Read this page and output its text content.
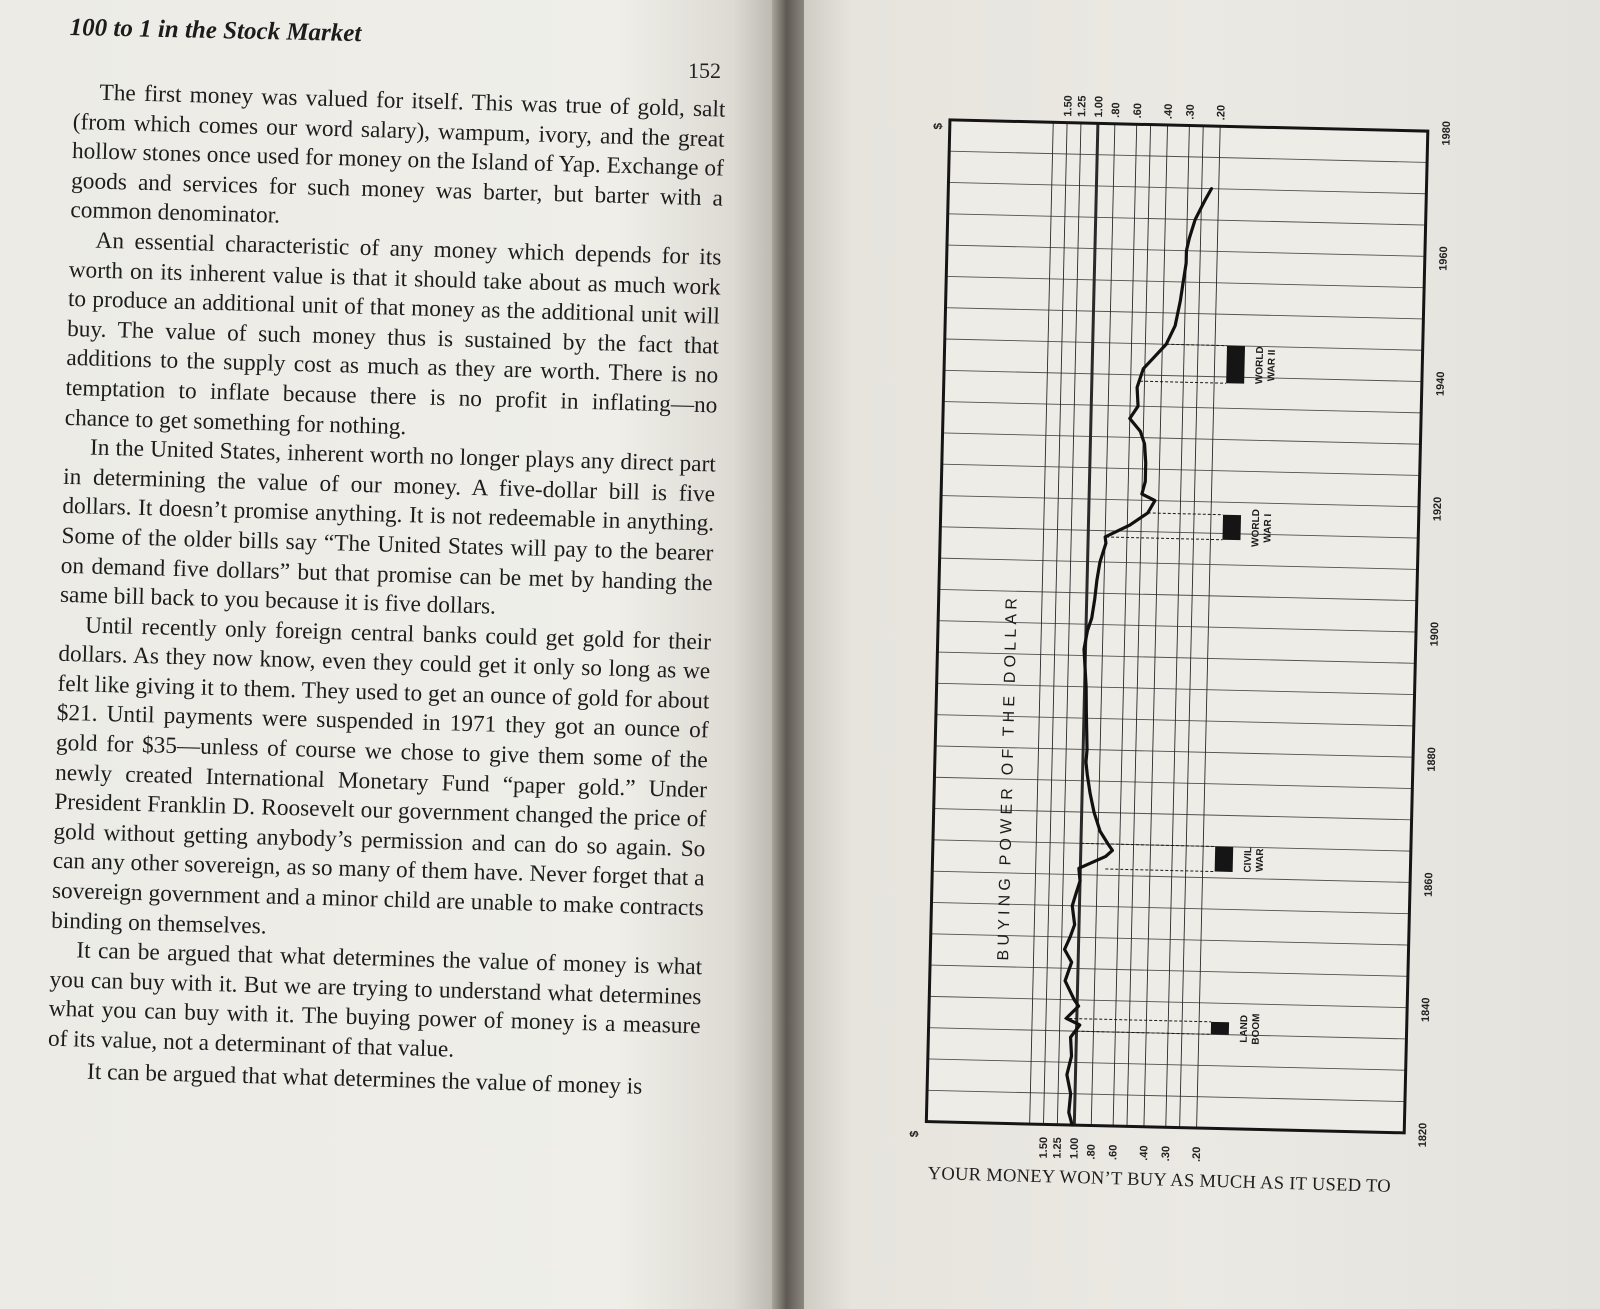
100 to 1 in the Stock Market
152

The first money was valued for itself. This was true of gold, salt (from which comes our word salary), wampum, ivory, and the great hollow stones once used for money on the Island of Yap. Exchange of goods and services for such money was barter, but barter with a common denominator.

An essential characteristic of any money which depends for its worth on its inherent value is that it should take about as much work to produce an additional unit of that money as the additional unit will buy. The value of such money thus is sustained by the fact that additions to the supply cost as much as they are worth. There is no temptation to inflate because there is no profit in inflating—no chance to get something for nothing.

In the United States, inherent worth no longer plays any direct part in determining the value of our money. A five-dollar bill is five dollars. It doesn’t promise anything. It is not redeemable in anything. Some of the older bills say “The United States will pay to the bearer on demand five dollars” but that promise can be met by handing the same bill back to you because it is five dollars.

Until recently only foreign central banks could get gold for their dollars. As they now know, even they could get it only so long as we felt like giving it to them. They used to get an ounce of gold for about $21. Until payments were suspended in 1971 they got an ounce of gold for $35—unless of course we chose to give them some of the newly created International Monetary Fund “paper gold.” Under President Franklin D. Roosevelt our government changed the price of gold without getting anybody’s permission and can do so again. So can any other sovereign, as so many of them have. Never forget that a sovereign government and a minor child are unable to make contracts binding on themselves.

It can be argued that what determines the value of money is what you can buy with it. But we are trying to understand what determines what you can buy with it. The buying power of money is a measure of its value, not a determinant of that value.

It can be argued that what determines the value of money is

1.50
1.50
1.25
1.25
1.00
1.00
.80
.80
.60
.60
.40
.40
.30
.30
.20
.20
$
$	1820
1840
1860
1880
1900
1920
1940
1960
1980
BUYING POWER OF THE DOLLAR
LAND BOOM
CIVIL WAR
WORLD WAR I
WORLD WAR II
YOUR MONEY WON’T BUY AS MUCH AS IT USED TO
